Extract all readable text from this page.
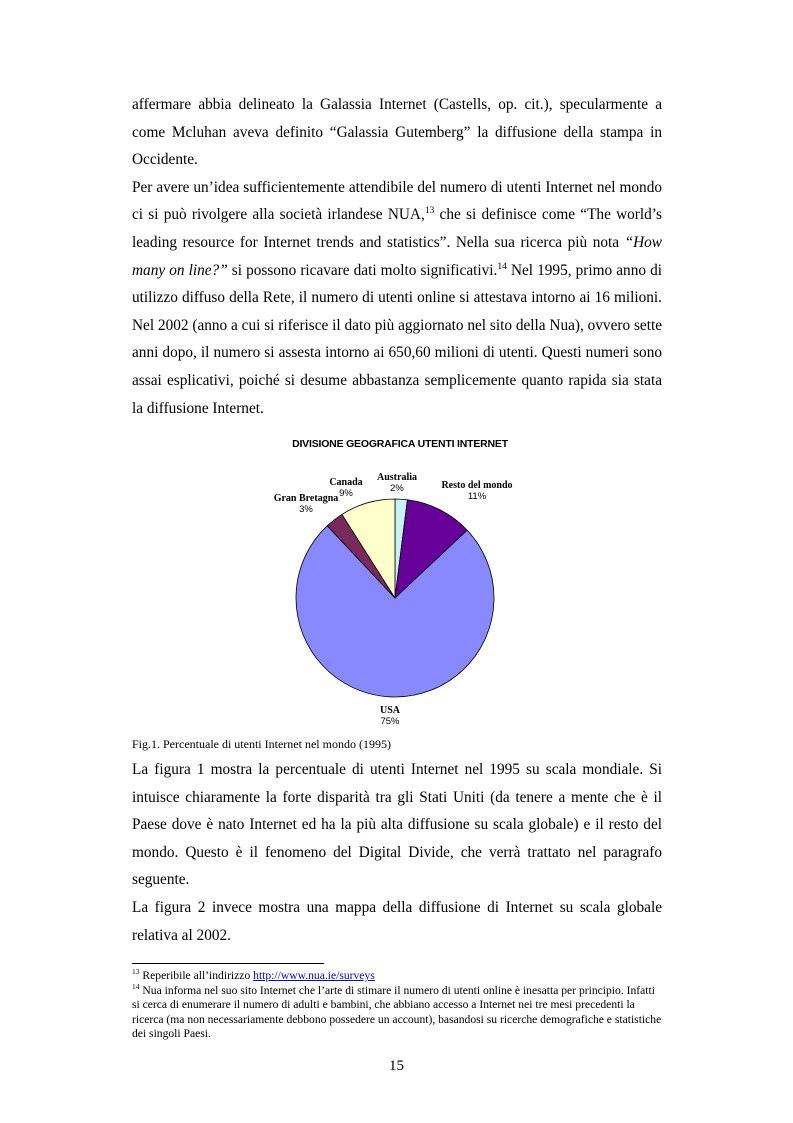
affermare abbia delineato la Galassia Internet (Castells, op. cit.), specularmente a come Mcluhan aveva definito “Galassia Gutemberg” la diffusione della stampa in Occidente.

Per avere un’idea sufficientemente attendibile del numero di utenti Internet nel mondo ci si può rivolgere alla società irlandese NUA,$^{13}$ che si definisce come “The world’s leading resource for Internet trends and statistics”. Nella sua ricerca più nota “How many on line?” si possono ricavare dati molto significativi.$^{14}$ Nel 1995, primo anno di utilizzo diffuso della Rete, il numero di utenti online si attestava intorno ai 16 milioni. Nel 2002 (anno a cui si riferisce il dato più aggiornato nel sito della Nua), ovvero sette anni dopo, il numero si assesta intorno ai 650,60 milioni di utenti. Questi numeri sono assai esplicativi, poiché si desume abbastanza semplicemente quanto rapida sia stata la diffusione Internet.

DIVISIONE GEOGRAFICA UTENTI INTERNET
Australia
2%	Resto del mondo
11%
USA
75%
Gran Bretagna
3%
Canada
9%
Fig.1. Percentuale di utenti Internet nel mondo (1995)

La figura 1 mostra la percentuale di utenti Internet nel 1995 su scala mondiale. Si intuisce chiaramente la forte disparità tra gli Stati Uniti (da tenere a mente che è il Paese dove è nato Internet ed ha la più alta diffusione su scala globale) e il resto del mondo. Questo è il fenomeno del Digital Divide, che verrà trattato nel paragrafo seguente.

La figura 2 invece mostra una mappa della diffusione di Internet su scala globale relativa al 2002.

$^{13}$ Reperibile all’indirizzo http://www.nua.ie/surveys

$^{14}$ Nua informa nel suo sito Internet che l’arte di stimare il numero di utenti online è inesatta per principio. Infatti si cerca di enumerare il numero di adulti e bambini, che abbiano accesso a Internet nei tre mesi precedenti la ricerca (ma non necessariamente debbono possedere un account), basandosi su ricerche demografiche e statistiche dei singoli Paesi.

15
